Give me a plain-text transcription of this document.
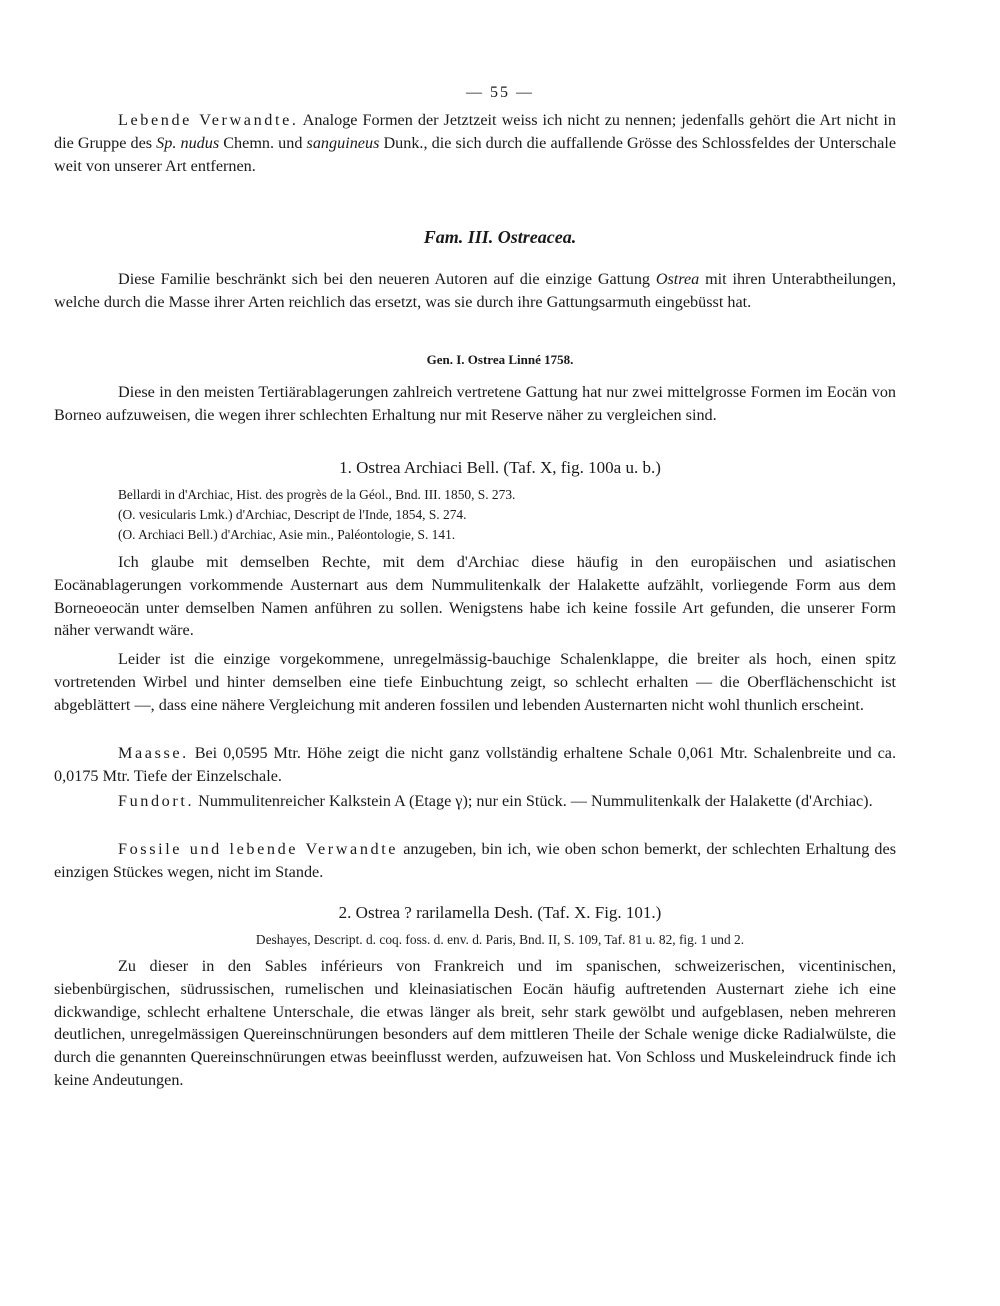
— 55 —

Lebende Verwandte. Analoge Formen der Jetztzeit weiss ich nicht zu nennen; jedenfalls gehört die Art nicht in die Gruppe des Sp. nudus Chemn. und sanguineus Dunk., die sich durch die auffallende Grösse des Schlossfeldes der Unterschale weit von unserer Art entfernen.

Fam. III. Ostreacea.

Diese Familie beschränkt sich bei den neueren Autoren auf die einzige Gattung Ostrea mit ihren Unterabtheilungen, welche durch die Masse ihrer Arten reichlich das ersetzt, was sie durch ihre Gattungsarmuth eingebüsst hat.

Gen. I. Ostrea Linné 1758.

Diese in den meisten Tertiärablagerungen zahlreich vertretene Gattung hat nur zwei mittelgrosse Formen im Eocän von Borneo aufzuweisen, die wegen ihrer schlechten Erhaltung nur mit Reserve näher zu vergleichen sind.

1. Ostrea Archiaci Bell. (Taf. X, fig. 100a u. b.)
Bellardi in d'Archiac, Hist. des progrès de la Géol., Bnd. III. 1850, S. 273.
(O. vesicularis Lmk.) d'Archiac, Descript de l'Inde, 1854, S. 274.
(O. Archiaci Bell.) d'Archiac, Asie min., Paléontologie, S. 141.

Ich glaube mit demselben Rechte, mit dem d'Archiac diese häufig in den europäischen und asiatischen Eocänablagerungen vorkommende Austernart aus dem Nummulitenkalk der Halakette aufzählt, vorliegende Form aus dem Borneoeocän unter demselben Namen anführen zu sollen. Wenigstens habe ich keine fossile Art gefunden, die unserer Form näher verwandt wäre.

Leider ist die einzige vorgekommene, unregelmässig-bauchige Schalenklappe, die breiter als hoch, einen spitz vortretenden Wirbel und hinter demselben eine tiefe Einbuchtung zeigt, so schlecht erhalten — die Oberflächenschicht ist abgeblättert —, dass eine nähere Vergleichung mit anderen fossilen und lebenden Austernarten nicht wohl thunlich erscheint.

Maasse. Bei 0,0595 Mtr. Höhe zeigt die nicht ganz vollständig erhaltene Schale 0,061 Mtr. Schalenbreite und ca. 0,0175 Mtr. Tiefe der Einzelschale.

Fundort. Nummulitenreicher Kalkstein A (Etage γ); nur ein Stück. — Nummulitenkalk der Halakette (d'Archiac).

Fossile und lebende Verwandte anzugeben, bin ich, wie oben schon bemerkt, der schlechten Erhaltung des einzigen Stückes wegen, nicht im Stande.

2. Ostrea ? rarilamella Desh. (Taf. X. Fig. 101.)
Deshayes, Descript. d. coq. foss. d. env. d. Paris, Bnd. II, S. 109, Taf. 81 u. 82, fig. 1 und 2.

Zu dieser in den Sables inférieurs von Frankreich und im spanischen, schweizerischen, vicentinischen, siebenbürgischen, südrussischen, rumelischen und kleinasiatischen Eocän häufig auftretenden Austernart ziehe ich eine dickwandige, schlecht erhaltene Unterschale, die etwas länger als breit, sehr stark gewölbt und aufgeblasen, neben mehreren deutlichen, unregelmässigen Quereinschnürungen besonders auf dem mittleren Theile der Schale wenige dicke Radialwülste, die durch die genannten Quereinschnürungen etwas beeinflusst werden, aufzuweisen hat. Von Schloss und Muskeleindruck finde ich keine Andeutungen.
